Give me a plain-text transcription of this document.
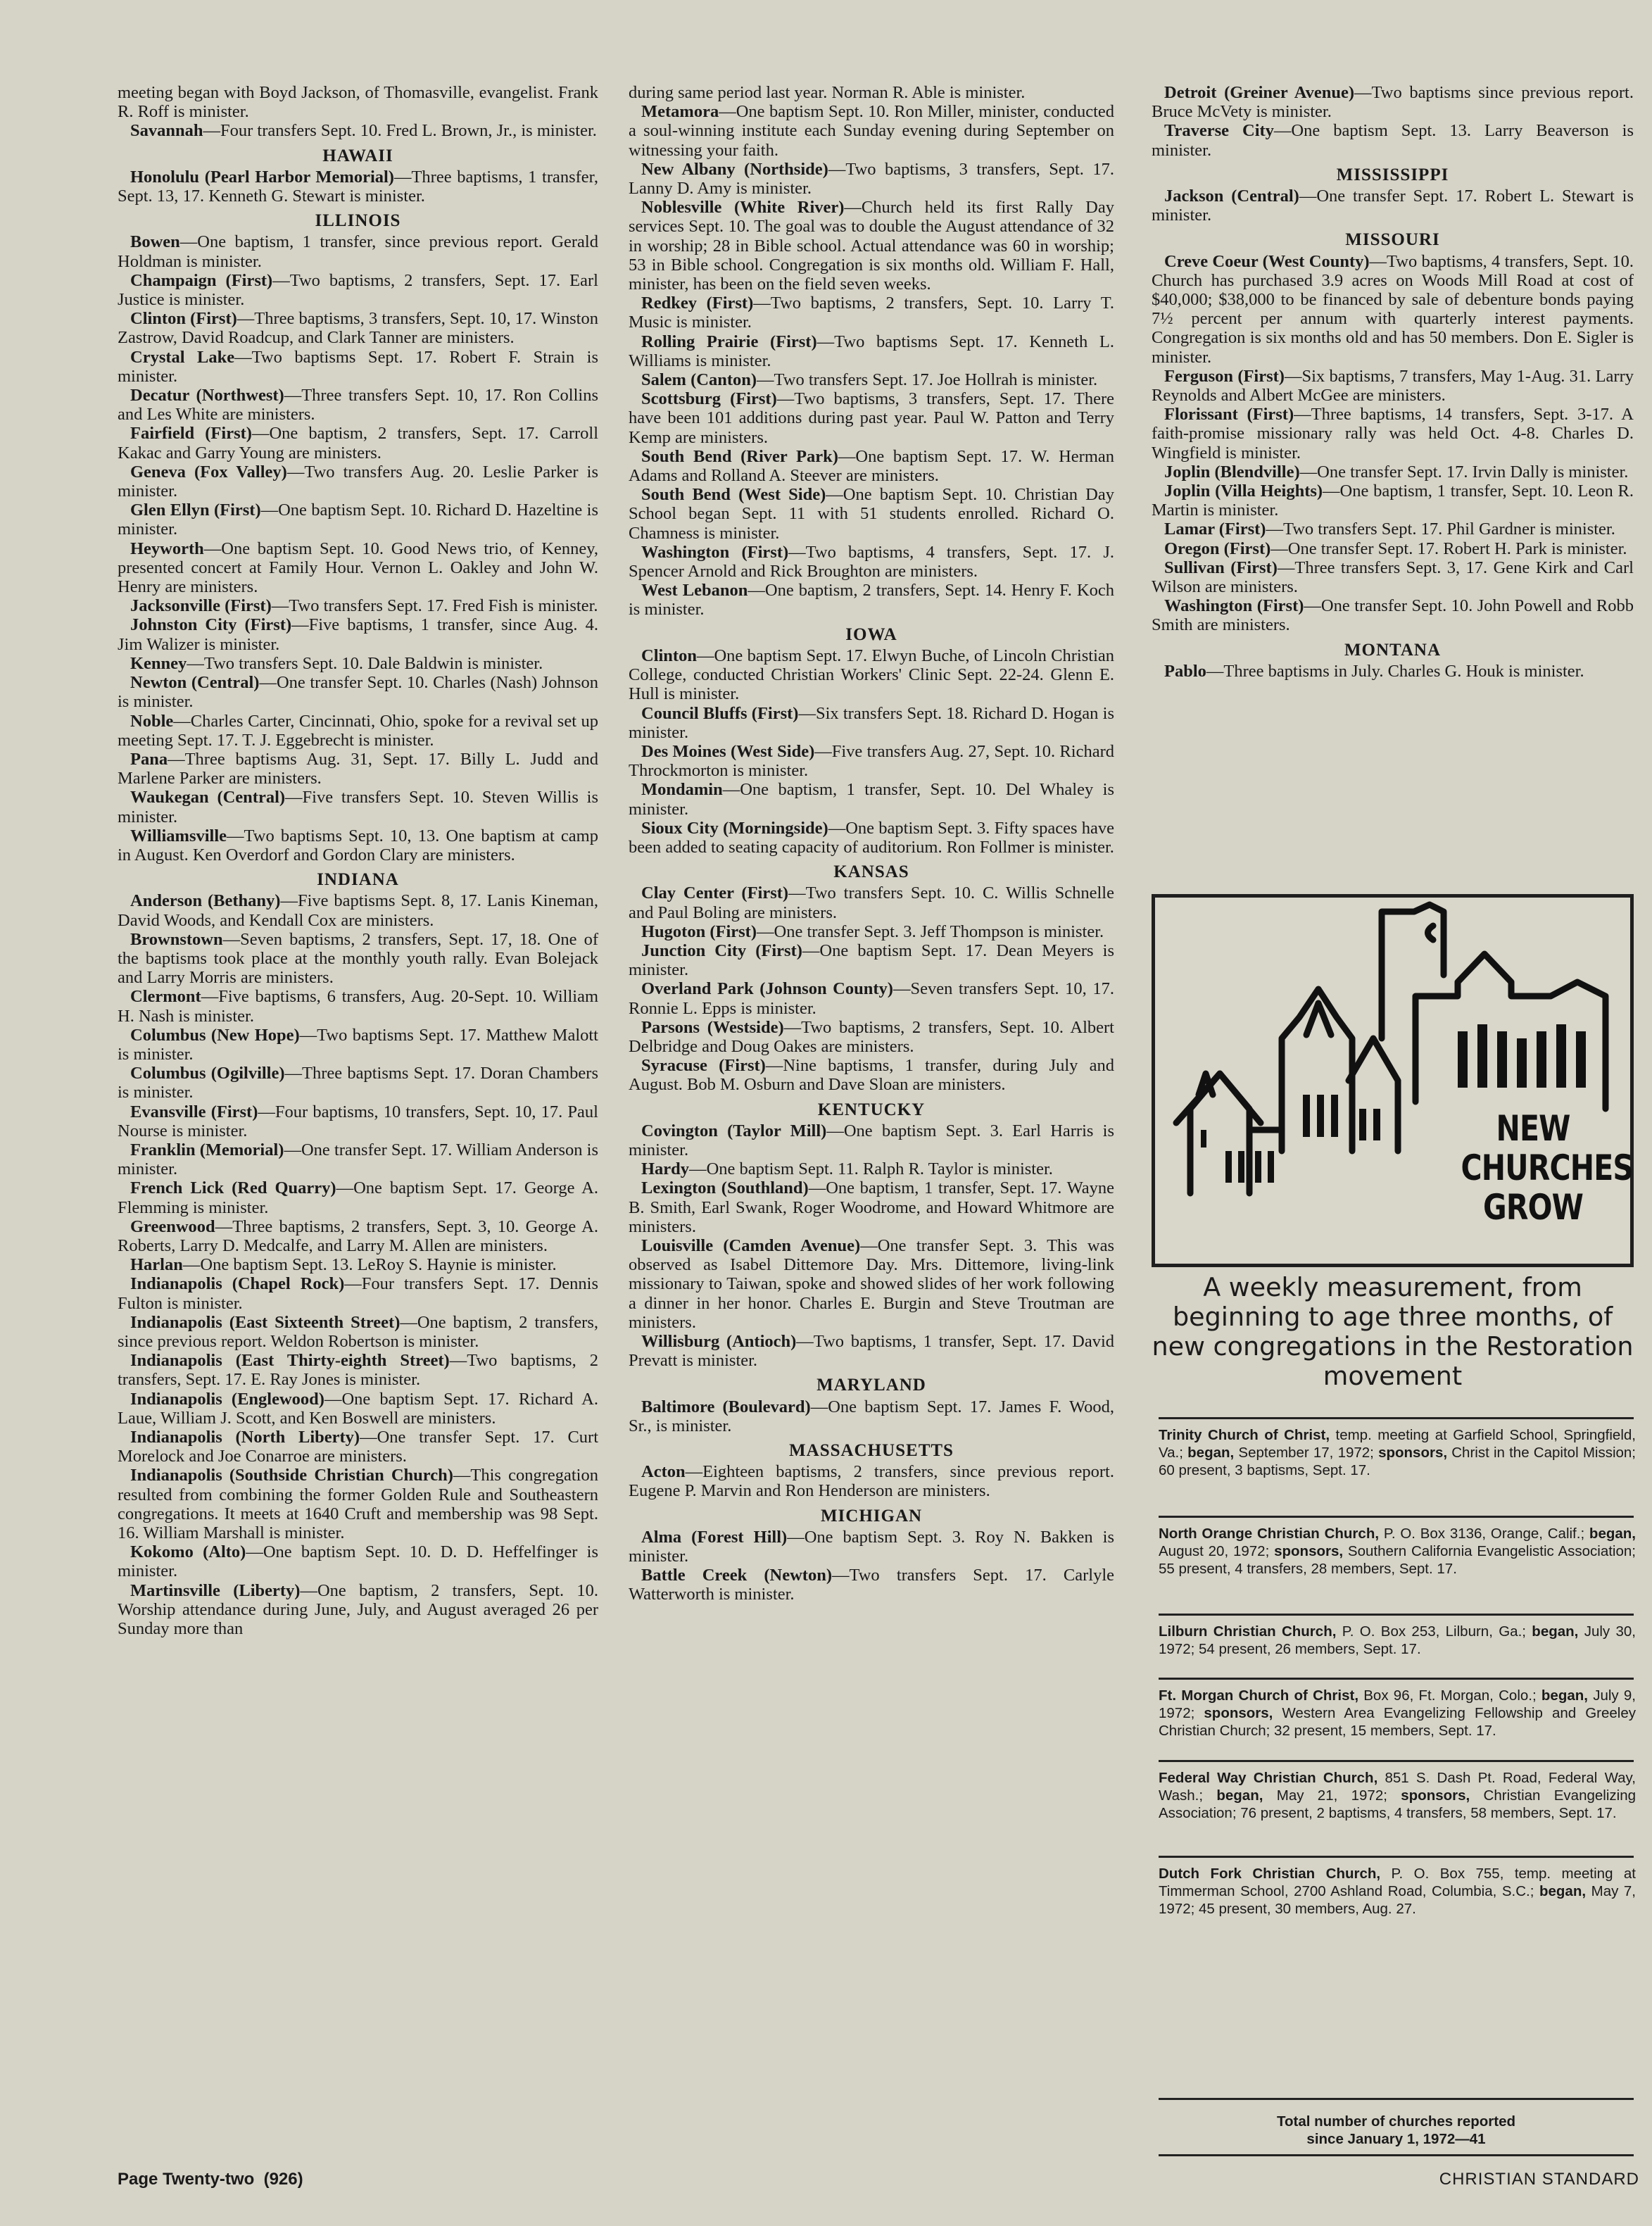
meeting began with Boyd Jackson, of Thomasville, evangelist. Frank R. Roff is minister.

Savannah—Four transfers Sept. 10. Fred L. Brown, Jr., is minister.

HAWAII

Honolulu (Pearl Harbor Memorial)—Three baptisms, 1 transfer, Sept. 13, 17. Kenneth G. Stewart is minister.

ILLINOIS

Bowen—One baptism, 1 transfer, since previous report. Gerald Holdman is minister.

Champaign (First)—Two baptisms, 2 transfers, Sept. 17. Earl Justice is minister.

Clinton (First)—Three baptisms, 3 transfers, Sept. 10, 17. Winston Zastrow, David Roadcup, and Clark Tanner are ministers.

Crystal Lake—Two baptisms Sept. 17. Robert F. Strain is minister.

Decatur (Northwest)—Three transfers Sept. 10, 17. Ron Collins and Les White are ministers.

Fairfield (First)—One baptism, 2 transfers, Sept. 17. Carroll Kakac and Garry Young are ministers.

Geneva (Fox Valley)—Two transfers Aug. 20. Leslie Parker is minister.

Glen Ellyn (First)—One baptism Sept. 10. Richard D. Hazeltine is minister.

Heyworth—One baptism Sept. 10. Good News trio, of Kenney, presented concert at Family Hour. Vernon L. Oakley and John W. Henry are ministers.

Jacksonville (First)—Two transfers Sept. 17. Fred Fish is minister.

Johnston City (First)—Five baptisms, 1 transfer, since Aug. 4. Jim Walizer is minister.

Kenney—Two transfers Sept. 10. Dale Baldwin is minister.

Newton (Central)—One transfer Sept. 10. Charles (Nash) Johnson is minister.

Noble—Charles Carter, Cincinnati, Ohio, spoke for a revival set up meeting Sept. 17. T. J. Eggebrecht is minister.

Pana—Three baptisms Aug. 31, Sept. 17. Billy L. Judd and Marlene Parker are ministers.

Waukegan (Central)—Five transfers Sept. 10. Steven Willis is minister.

Williamsville—Two baptisms Sept. 10, 13. One baptism at camp in August. Ken Overdorf and Gordon Clary are ministers.

INDIANA

Anderson (Bethany)—Five baptisms Sept. 8, 17. Lanis Kineman, David Woods, and Kendall Cox are ministers.

Brownstown—Seven baptisms, 2 transfers, Sept. 17, 18. One of the baptisms took place at the monthly youth rally. Evan Bolejack and Larry Morris are ministers.

Clermont—Five baptisms, 6 transfers, Aug. 20-Sept. 10. William H. Nash is minister.

Columbus (New Hope)—Two baptisms Sept. 17. Matthew Malott is minister.

Columbus (Ogilville)—Three baptisms Sept. 17. Doran Chambers is minister.

Evansville (First)—Four baptisms, 10 transfers, Sept. 10, 17. Paul Nourse is minister.

Franklin (Memorial)—One transfer Sept. 17. William Anderson is minister.

French Lick (Red Quarry)—One baptism Sept. 17. George A. Flemming is minister.

Greenwood—Three baptisms, 2 transfers, Sept. 3, 10. George A. Roberts, Larry D. Medcalfe, and Larry M. Allen are ministers.

Harlan—One baptism Sept. 13. LeRoy S. Haynie is minister.

Indianapolis (Chapel Rock)—Four transfers Sept. 17. Dennis Fulton is minister.

Indianapolis (East Sixteenth Street)—One baptism, 2 transfers, since previous report. Weldon Robertson is minister.

Indianapolis (East Thirty-eighth Street)—Two baptisms, 2 transfers, Sept. 17. E. Ray Jones is minister.

Indianapolis (Englewood)—One baptism Sept. 17. Richard A. Laue, William J. Scott, and Ken Boswell are ministers.

Indianapolis (North Liberty)—One transfer Sept. 17. Curt Morelock and Joe Conarroe are ministers.

Indianapolis (Southside Christian Church)—This congregation resulted from combining the former Golden Rule and Southeastern congregations. It meets at 1640 Cruft and membership was 98 Sept. 16. William Marshall is minister.

Kokomo (Alto)—One baptism Sept. 10. D. D. Heffelfinger is minister.

Martinsville (Liberty)—One baptism, 2 transfers, Sept. 10. Worship attendance during June, July, and August averaged 26 per Sunday more than

during same period last year. Norman R. Able is minister.

Metamora—One baptism Sept. 10. Ron Miller, minister, conducted a soul-winning institute each Sunday evening during September on witnessing your faith.

New Albany (Northside)—Two baptisms, 3 transfers, Sept. 17. Lanny D. Amy is minister.

Noblesville (White River)—Church held its first Rally Day services Sept. 10. The goal was to double the August attendance of 32 in worship; 28 in Bible school. Actual attendance was 60 in worship; 53 in Bible school. Congregation is six months old. William F. Hall, minister, has been on the field seven weeks.

Redkey (First)—Two baptisms, 2 transfers, Sept. 10. Larry T. Music is minister.

Rolling Prairie (First)—Two baptisms Sept. 17. Kenneth L. Williams is minister.

Salem (Canton)—Two transfers Sept. 17. Joe Hollrah is minister.

Scottsburg (First)—Two baptisms, 3 transfers, Sept. 17. There have been 101 additions during past year. Paul W. Patton and Terry Kemp are ministers.

South Bend (River Park)—One baptism Sept. 17. W. Herman Adams and Rolland A. Steever are ministers.

South Bend (West Side)—One baptism Sept. 10. Christian Day School began Sept. 11 with 51 students enrolled. Richard O. Chamness is minister.

Washington (First)—Two baptisms, 4 transfers, Sept. 17. J. Spencer Arnold and Rick Broughton are ministers.

West Lebanon—One baptism, 2 transfers, Sept. 14. Henry F. Koch is minister.

IOWA

Clinton—One baptism Sept. 17. Elwyn Buche, of Lincoln Christian College, conducted Christian Workers' Clinic Sept. 22-24. Glenn E. Hull is minister.

Council Bluffs (First)—Six transfers Sept. 18. Richard D. Hogan is minister.

Des Moines (West Side)—Five transfers Aug. 27, Sept. 10. Richard Throckmorton is minister.

Mondamin—One baptism, 1 transfer, Sept. 10. Del Whaley is minister.

Sioux City (Morningside)—One baptism Sept. 3. Fifty spaces have been added to seating capacity of auditorium. Ron Follmer is minister.

KANSAS

Clay Center (First)—Two transfers Sept. 10. C. Willis Schnelle and Paul Boling are ministers.

Hugoton (First)—One transfer Sept. 3. Jeff Thompson is minister.

Junction City (First)—One baptism Sept. 17. Dean Meyers is minister.

Overland Park (Johnson County)—Seven transfers Sept. 10, 17. Ronnie L. Epps is minister.

Parsons (Westside)—Two baptisms, 2 transfers, Sept. 10. Albert Delbridge and Doug Oakes are ministers.

Syracuse (First)—Nine baptisms, 1 transfer, during July and August. Bob M. Osburn and Dave Sloan are ministers.

KENTUCKY

Covington (Taylor Mill)—One baptism Sept. 3. Earl Harris is minister.

Hardy—One baptism Sept. 11. Ralph R. Taylor is minister.

Lexington (Southland)—One baptism, 1 transfer, Sept. 17. Wayne B. Smith, Earl Swank, Roger Woodrome, and Howard Whitmore are ministers.

Louisville (Camden Avenue)—One transfer Sept. 3. This was observed as Isabel Dittemore Day. Mrs. Dittemore, living-link missionary to Taiwan, spoke and showed slides of her work following a dinner in her honor. Charles E. Burgin and Steve Troutman are ministers.

Willisburg (Antioch)—Two baptisms, 1 transfer, Sept. 17. David Prevatt is minister.

MARYLAND

Baltimore (Boulevard)—One baptism Sept. 17. James F. Wood, Sr., is minister.

MASSACHUSETTS

Acton—Eighteen baptisms, 2 transfers, since previous report. Eugene P. Marvin and Ron Henderson are ministers.

MICHIGAN

Alma (Forest Hill)—One baptism Sept. 3. Roy N. Bakken is minister.

Battle Creek (Newton)—Two transfers Sept. 17. Carlyle Watterworth is minister.

Detroit (Greiner Avenue)—Two baptisms since previous report. Bruce McVety is minister.

Traverse City—One baptism Sept. 13. Larry Beaverson is minister.

MISSISSIPPI

Jackson (Central)—One transfer Sept. 17. Robert L. Stewart is minister.

MISSOURI

Creve Coeur (West County)—Two baptisms, 4 transfers, Sept. 10. Church has purchased 3.9 acres on Woods Mill Road at cost of $40,000; $38,000 to be financed by sale of debenture bonds paying 7½ percent per annum with quarterly interest payments. Congregation is six months old and has 50 members. Don E. Sigler is minister.

Ferguson (First)—Six baptisms, 7 transfers, May 1-Aug. 31. Larry Reynolds and Albert McGee are ministers.

Florissant (First)—Three baptisms, 14 transfers, Sept. 3-17. A faith-promise missionary rally was held Oct. 4-8. Charles D. Wingfield is minister.

Joplin (Blendville)—One transfer Sept. 17. Irvin Dally is minister.

Joplin (Villa Heights)—One baptism, 1 transfer, Sept. 10. Leon R. Martin is minister.

Lamar (First)—Two transfers Sept. 17. Phil Gardner is minister.

Oregon (First)—One transfer Sept. 17. Robert H. Park is minister.

Sullivan (First)—Three transfers Sept. 3, 17. Gene Kirk and Carl Wilson are ministers.

Washington (First)—One transfer Sept. 10. John Powell and Robb Smith are ministers.

MONTANA

Pablo—Three baptisms in July. Charles G. Houk is minister.

NEW
CHURCHES
GROW
A weekly measurement, from beginning to age three months, of new congregations in the Restoration movement
Trinity Church of Christ, temp. meeting at Garfield School, Springfield, Va.; began, September 17, 1972; sponsors, Christ in the Capitol Mission; 60 present, 3 baptisms, Sept. 17.
North Orange Christian Church, P. O. Box 3136, Orange, Calif.; began, August 20, 1972; sponsors, Southern California Evangelistic Association; 55 present, 4 transfers, 28 members, Sept. 17.
Lilburn Christian Church, P. O. Box 253, Lilburn, Ga.; began, July 30, 1972; 54 present, 26 members, Sept. 17.
Ft. Morgan Church of Christ, Box 96, Ft. Morgan, Colo.; began, July 9, 1972; sponsors, Western Area Evangelizing Fellowship and Greeley Christian Church; 32 present, 15 members, Sept. 17.
Federal Way Christian Church, 851 S. Dash Pt. Road, Federal Way, Wash.; began, May 21, 1972; sponsors, Christian Evangelizing Association; 76 present, 2 baptisms, 4 transfers, 58 members, Sept. 17.
Dutch Fork Christian Church, P. O. Box 755, temp. meeting at Timmerman School, 2700 Ashland Road, Columbia, S.C.; began, May 7, 1972; 45 present, 30 members, Aug. 27.
Total number of churches reported
since January 1, 1972—41
Page Twenty-two  (926)	CHRISTIAN STANDARD
